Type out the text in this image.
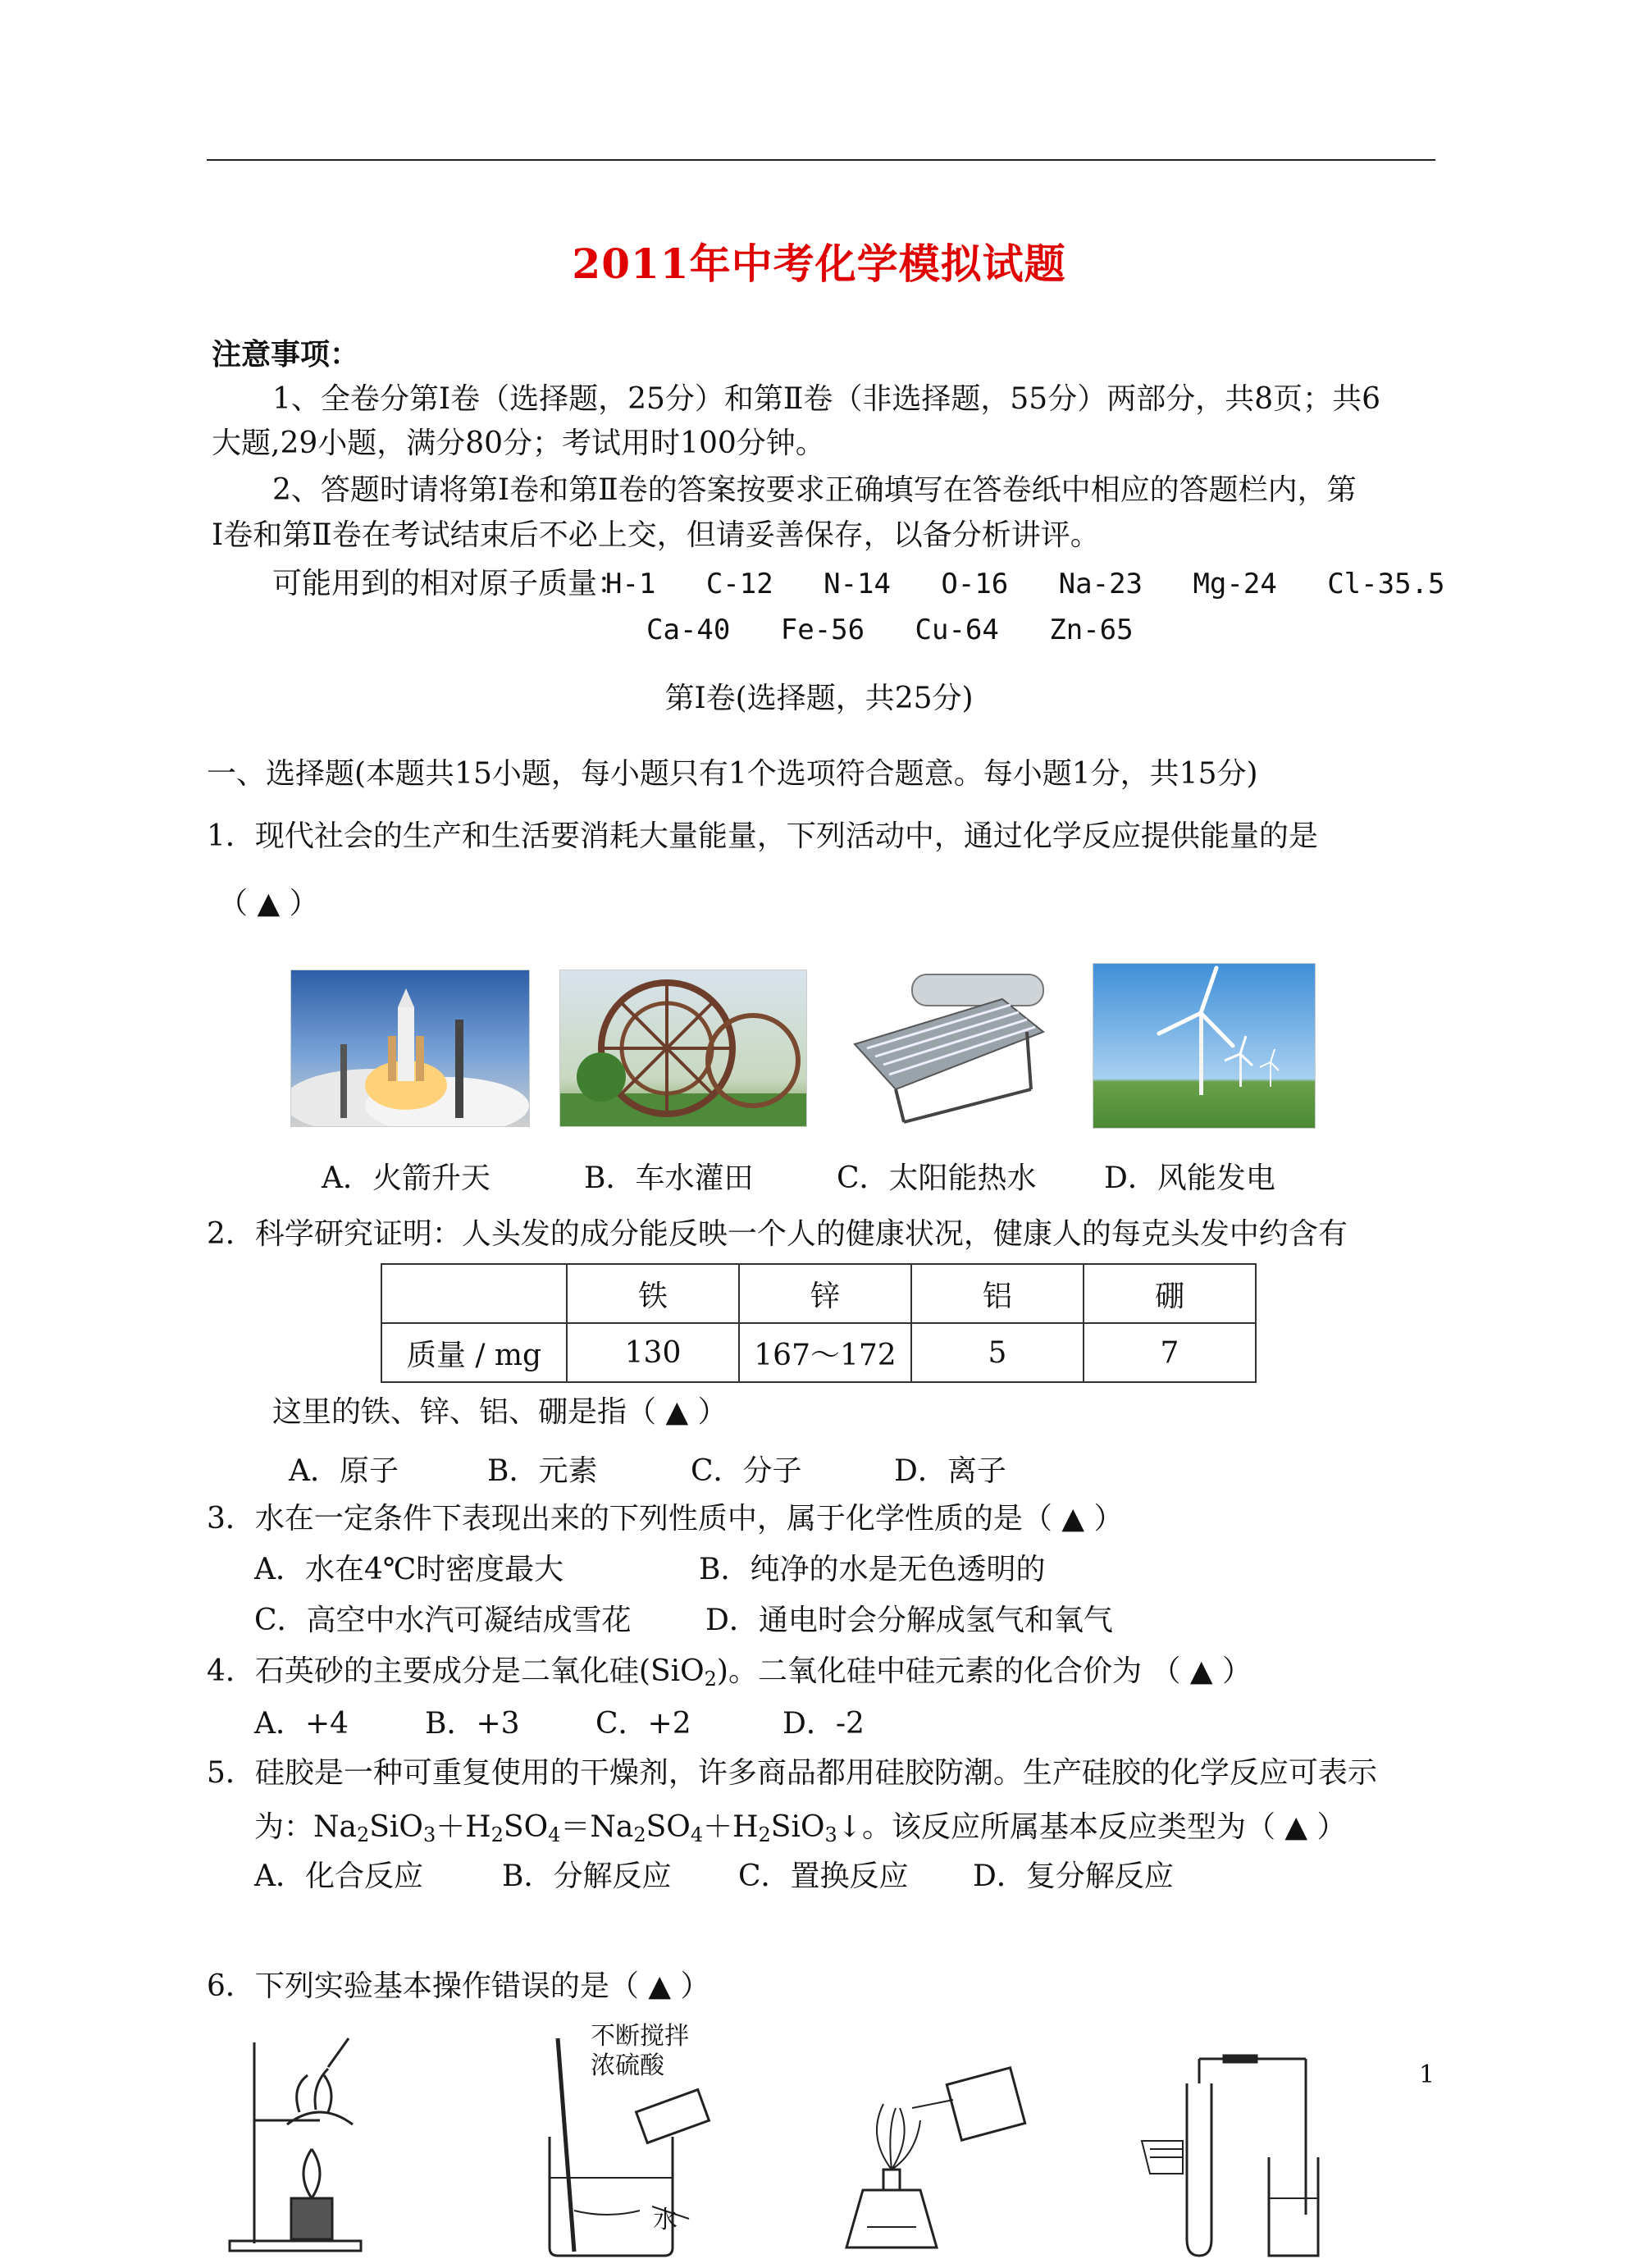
2011年中考化学模拟试题
注意事项：
1、全卷分第Ⅰ卷（选择题，25分）和第Ⅱ卷（非选择题，55分）两部分，共8页；共6
大题,29小题，满分80分；考试用时100分钟。
2、答题时请将第Ⅰ卷和第Ⅱ卷的答案按要求正确填写在答卷纸中相应的答题栏内，第
Ⅰ卷和第Ⅱ卷在考试结束后不必上交，但请妥善保存，以备分析讲评。
可能用到的相对原子质量：
H-1   C-12   N-14   O-16   Na-23   Mg-24   Cl-35.5
Ca-40   Fe-56   Cu-64   Zn-65
第Ⅰ卷(选择题，共25分)
一、选择题(本题共15小题，每小题只有1个选项符合题意。每小题1分，共15分)
1．现代社会的生产和生活要消耗大量能量，下列活动中，通过化学反应提供能量的是
（ ▲ ）
A．火箭升天	B．车水灌田	C．太阳能热水 D．风能发电
2．科学研究证明：人头发的成分能反映一个人的健康状况，健康人的每克头发中约含有
	铁	锌	铝	硼
质量 / mg	130	167～172	5	7
这里的铁、锌、铝、硼是指（ ▲ ）
A．原子	B．元素	C．分子	D．离子
3．水在一定条件下表现出来的下列性质中，属于化学性质的是（ ▲ ）
A．水在4℃时密度最大	B．纯净的水是无色透明的
C．高空中水汽可凝结成雪花	D．通电时会分解成氢气和氧气
4．石英砂的主要成分是二氧化硅(SiO$_2$)。二氧化硅中硅元素的化合价为 （ ▲ ）
A．+4	B．+3	C．+2	D．-2
5．硅胶是一种可重复使用的干燥剂，许多商品都用硅胶防潮。生产硅胶的化学反应可表示
为：$Na_2SiO_3+H_2SO_4=Na_2SO_4+H_2SiO_3↓$。该反应所属基本反应类型为（ ▲ ）
A．化合反应	B．分解反应 C．置换反应 D．复分解反应
6．下列实验基本操作错误的是（ ▲ ）
不断搅拌
浓硫酸
水
1
